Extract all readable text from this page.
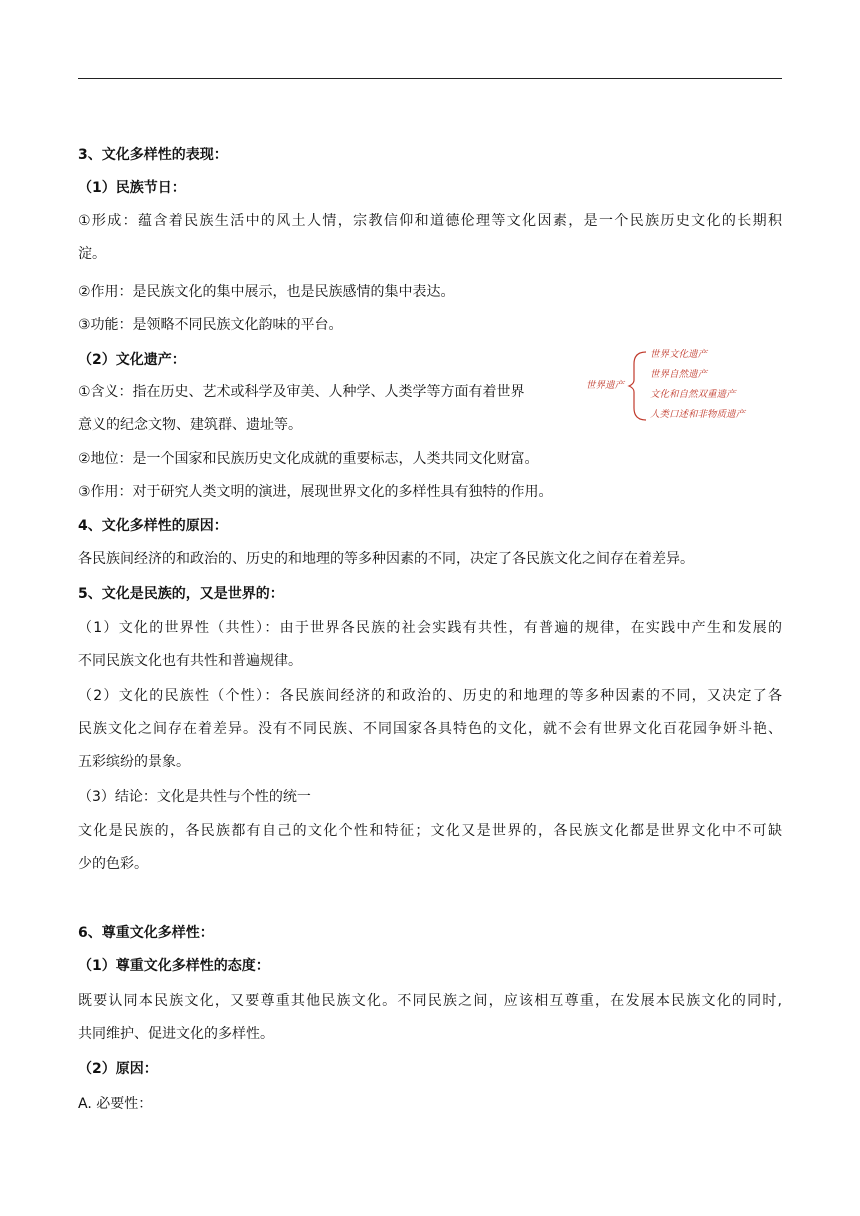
3、文化多样性的表现：
（1）民族节日：
①形成：蕴含着民族生活中的风土人情，宗教信仰和道德伦理等文化因素，是一个民族历史文化的长期积
淀。
②作用：是民族文化的集中展示，也是民族感情的集中表达。
③功能：是领略不同民族文化韵味的平台。
（2）文化遗产：
①含义：指在历史、艺术或科学及审美、人种学、人类学等方面有着世界
意义的纪念文物、建筑群、遗址等。
②地位：是一个国家和民族历史文化成就的重要标志，人类共同文化财富。
③作用：对于研究人类文明的演进，展现世界文化的多样性具有独特的作用。
4、文化多样性的原因：
各民族间经济的和政治的、历史的和地理的等多种因素的不同，决定了各民族文化之间存在着差异。
5、文化是民族的，又是世界的：
（1）文化的世界性（共性）：由于世界各民族的社会实践有共性，有普遍的规律，在实践中产生和发展的
不同民族文化也有共性和普遍规律。
（2）文化的民族性（个性）：各民族间经济的和政治的、历史的和地理的等多种因素的不同，又决定了各
民族文化之间存在着差异。没有不同民族、不同国家各具特色的文化，就不会有世界文化百花园争妍斗艳、
五彩缤纷的景象。
（3）结论：文化是共性与个性的统一
文化是民族的，各民族都有自己的文化个性和特征；文化又是世界的，各民族文化都是世界文化中不可缺
少的色彩。
6、尊重文化多样性：
（1）尊重文化多样性的态度：
既要认同本民族文化，又要尊重其他民族文化。不同民族之间，应该相互尊重，在发展本民族文化的同时,
共同维护、促进文化的多样性。
（2）原因：
A. 必要性：
世界遗产
世界文化遗产
世界自然遗产
文化和自然双重遗产
人类口述和非物质遗产
